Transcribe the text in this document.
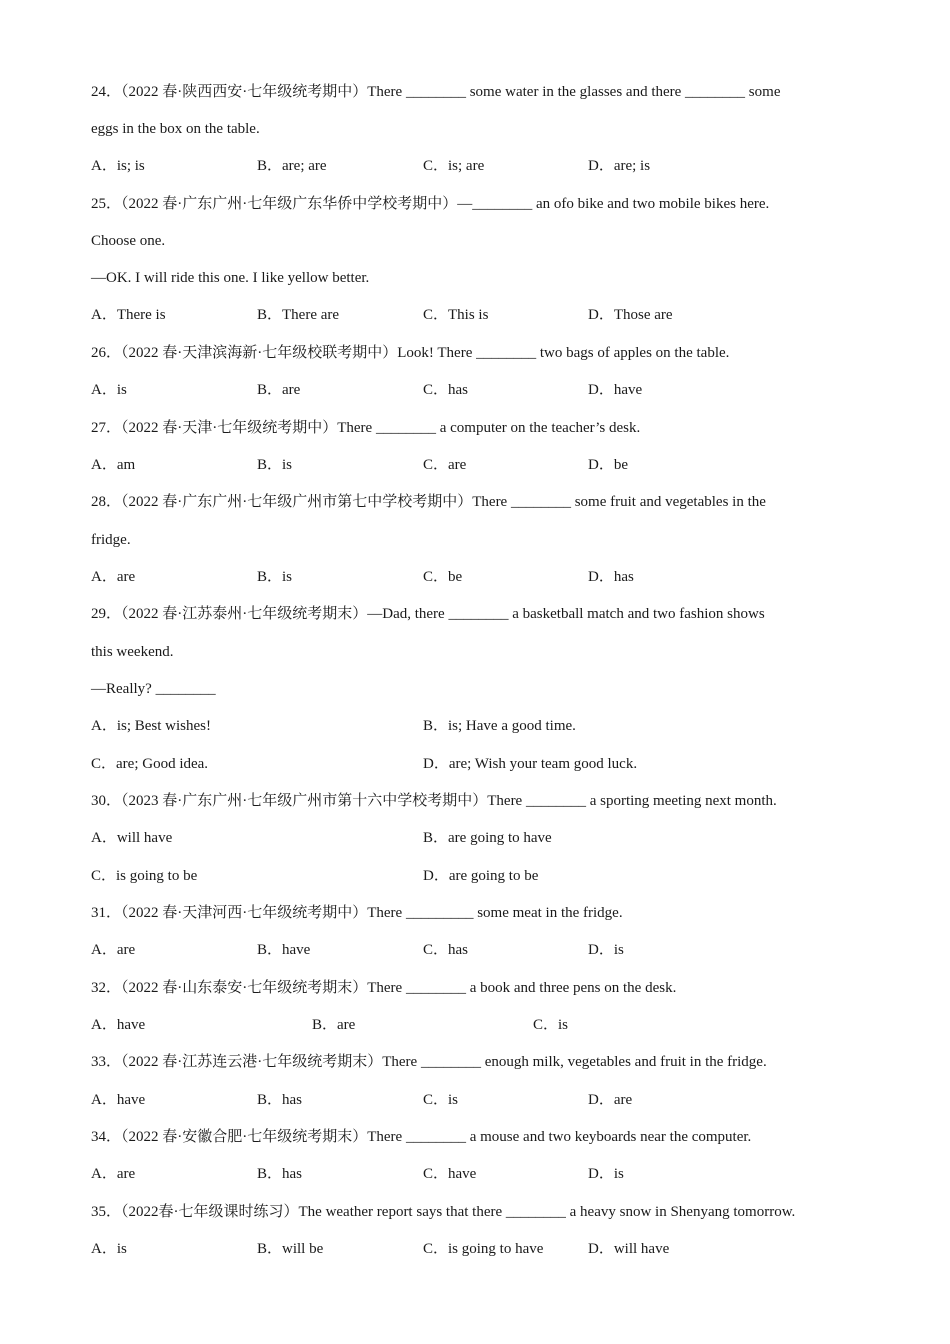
24．（2022 春·陕西西安·七年级统考期中）There ________ some water in the glasses and there ________ some
eggs in the box on the table.
A．is; is	B．are; are	C．is; are	D．are; is
25．（2022 春·广东广州·七年级广东华侨中学校考期中）—________ an ofo bike and two mobile bikes here.
Choose one.
—OK. I will ride this one. I like yellow better.
A．There is	B．There are	C．This is	D．Those are
26．（2022 春·天津滨海新·七年级校联考期中）Look! There ________ two bags of apples on the table.
A．is	B．are	C．has	D．have
27．（2022 春·天津·七年级统考期中）There ________ a computer on the teacher’s desk.
A．am	B．is	C．are	D．be
28．（2022 春·广东广州·七年级广州市第七中学校考期中）There ________ some fruit and vegetables in the
fridge.
A．are	B．is	C．be	D．has
29．（2022 春·江苏泰州·七年级统考期末）—Dad, there ________ a basketball match and two fashion shows
this weekend.
—Really? ________
A．is; Best wishes!	B．is; Have a good time.
C．are; Good idea.	D．are; Wish your team good luck.
30．（2023 春·广东广州·七年级广州市第十六中学校考期中）There ________ a sporting meeting next month.
A．will have	B．are going to have
C．is going to be	D．are going to be
31．（2022 春·天津河西·七年级统考期中）There _________ some meat in the fridge.
A．are	B．have	C．has	D．is
32．（2022 春·山东泰安·七年级统考期末）There ________ a book and three pens on the desk.
A．have	B．are	C．is
33．（2022 春·江苏连云港·七年级统考期末）There ________ enough milk, vegetables and fruit in the fridge.
A．have	B．has	C．is	D．are
34．（2022 春·安徽合肥·七年级统考期末）There ________ a mouse and two keyboards near the computer.
A．are	B．has	C．have	D．is
35．（2022春·七年级课时练习）The weather report says that there ________ a heavy snow in Shenyang tomorrow.
A．is	B．will be	C．is going to have	D．will have
